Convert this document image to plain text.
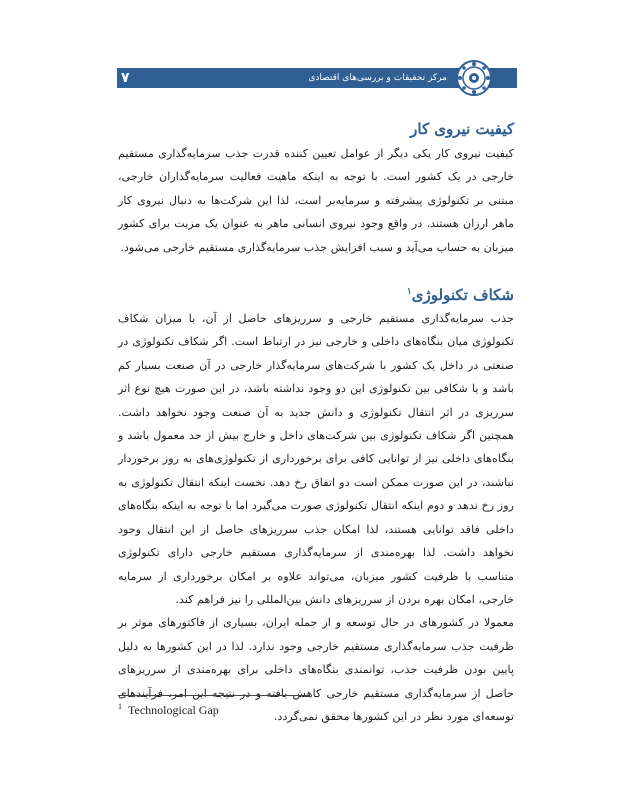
۷	مرکز تحقیقات و بررسی‌های اقتصادی
کیفیت نیروی کار

کیفیت نیروی کار یکی دیگر از عوامل تعیین کننده قدرت جذب سرمایه‌گذاری مستقیم خارجی در یک کشور است. با توجه به اینکه ماهیت فعالیت سرمایه‌گذاران خارجی، مبتنی بر تکنولوژی پیشرفته و سرمایه‌بر است، لذا این شرکت‌ها به دنبال نیروی کار ماهر ارزان هستند. در واقع وجود نیروی انسانی ماهر به عنوان یک مزیت برای کشور میزبان به حساب می‌آید و سبب افزایش جذب سرمایه‌گذاری مستقیم خارجی می‌شود.

شکاف تکنولوژی$^۱$

جذب سرمایه‌گذاری مستقیم خارجی و سرریزهای حاصل از آن، با میزان شکاف تکنولوژی میان بنگاه‌های داخلی و خارجی نیز در ارتباط است. اگر شکاف تکنولوژی در صنعتی در داخل یک کشور با شرکت‌های سرمایه‌گذار خارجی در آن صنعت بسیار کم باشد و یا شکافی بین تکنولوژی این دو وجود نداشته باشد، در این صورت هیچ نوع اثر سرریزی در اثر انتقال تکنولوژی و دانش جدید به آن صنعت وجود نخواهد داشت. همچنین اگر شکاف تکنولوژی بین شرکت‌های داخل و خارج بیش از حد معمول باشد و بنگاه‌های داخلی نیز از توانایی کافی برای برخورداری از تکنولوژی‌های به روز برخوردار نباشند، در این صورت ممکن است دو اتفاق رخ دهد. نخست اینکه انتقال تکنولوژی به روز رخ ندهد و دوم اینکه انتقال تکنولوژی صورت می‌گیرد اما با توجه به اینکه بنگاه‌های داخلی فاقد توانایی هستند، لذا امکان جذب سرریزهای حاصل از این انتقال وجود نخواهد داشت. لذا بهره‌مندی از سرمایه‌گذاری مستقیم خارجی دارای تکنولوژی متناسب با ظرفیت کشور میزبان، می‌تواند علاوه بر امکان برخورداری از سرمایه خارجی، امکان بهره بردن از سرریزهای دانش بین‌المللی را نیز فراهم کند.

معمولا در کشورهای در حال توسعه و از جمله ایران، بسیاری از فاکتورهای موثر بر ظرفیت جذب سرمایه‌گذاری مستقیم خارجی وجود ندارد. لذا در این کشورها به دلیل پایین بودن ظرفیت جذب، توانمندی بنگاه‌های داخلی برای بهره‌مندی از سرریزهای حاصل از سرمایه‌گذاری مستقیم خارجی کاهش یافته و در نتیجه این امر، فرآیندهای توسعه‌ای مورد نظر در این کشورها محقق نمی‌گردد.

$^1$ Technological Gap
